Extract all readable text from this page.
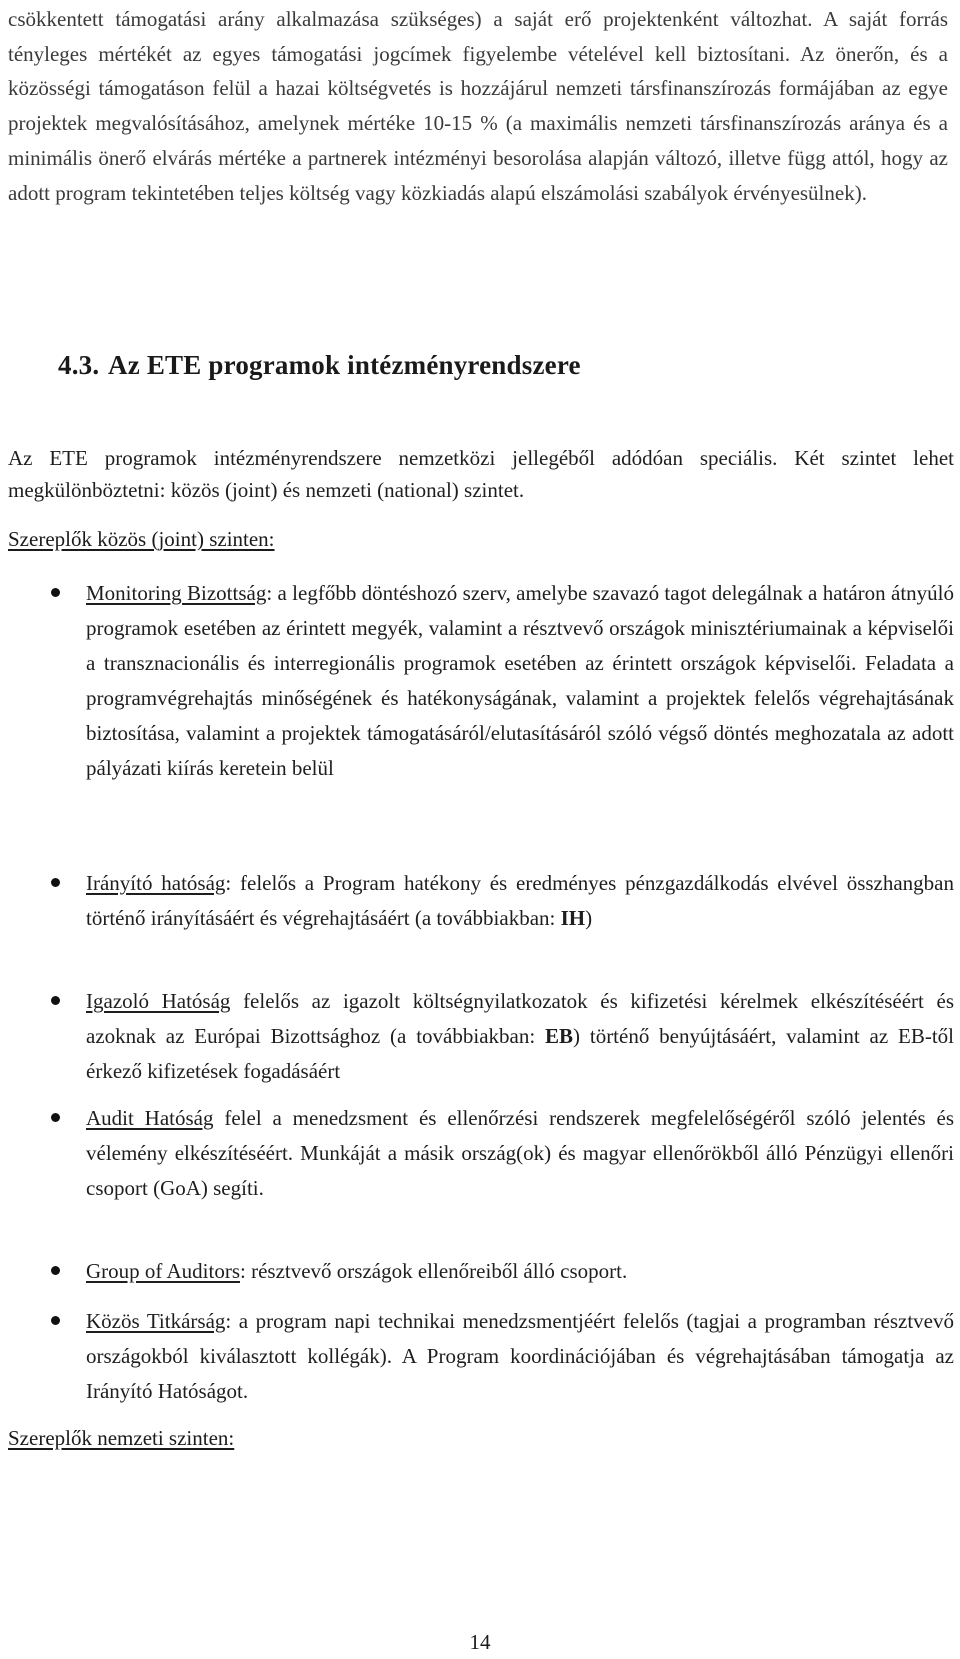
csökkentett támogatási arány alkalmazása szükséges) a saját erő projektenként változhat. A saját forrás tényleges mértékét az egyes támogatási jogcímek figyelembe vételével kell biztosítani. Az önerőn, és a közösségi támogatáson felül a hazai költségvetés is hozzájárul nemzeti társfinanszírozás formájában az egye projektek megvalósításához, amelynek mértéke 10-15 % (a maximális nemzeti társfinanszírozás aránya és a minimális önerő elvárás mértéke a partnerek intézményi besorolása alapján változó, illetve függ attól, hogy az adott program tekintetében teljes költség vagy közkiadás alapú elszámolási szabályok érvényesülnek).

4.3. Az ETE programok intézményrendszere

Az ETE programok intézményrendszere nemzetközi jellegéből adódóan speciális. Két szintet lehet megkülönböztetni: közös (joint) és nemzeti (national) szintet.

Szereplők közös (joint) szinten:

Monitoring Bizottság: a legfőbb döntéshozó szerv, amelybe szavazó tagot delegálnak a határon átnyúló programok esetében az érintett megyék, valamint a résztvevő országok minisztériumainak a képviselői a transznacionális és interregionális programok esetében az érintett országok képviselői. Feladata a programvégrehajtás minőségének és hatékonyságának, valamint a projektek felelős végrehajtásának biztosítása, valamint a projektek támogatásáról/elutasításáról szóló végső döntés meghozatala az adott pályázati kiírás keretein belül

Irányító hatóság: felelős a Program hatékony és eredményes pénzgazdálkodás elvével összhangban történő irányításáért és végrehajtásáért (a továbbiakban: IH)

Igazoló Hatóság felelős az igazolt költségnyilatkozatok és kifizetési kérelmek elkészítéséért és azoknak az Európai Bizottsághoz (a továbbiakban: EB) történő benyújtásáért, valamint az EB-től érkező kifizetések fogadásáért

Audit Hatóság felel a menedzsment és ellenőrzési rendszerek megfelelőségéről szóló jelentés és vélemény elkészítéséért. Munkáját a másik ország(ok) és magyar ellenőrökből álló Pénzügyi ellenőri csoport (GoA) segíti.

Group of Auditors: résztvevő országok ellenőreiből álló csoport.

Közös Titkárság: a program napi technikai menedzsmentjéért felelős (tagjai a programban résztvevő országokból kiválasztott kollégák). A Program koordinációjában és végrehajtásában támogatja az Irányító Hatóságot.

Szereplők nemzeti szinten:

14
